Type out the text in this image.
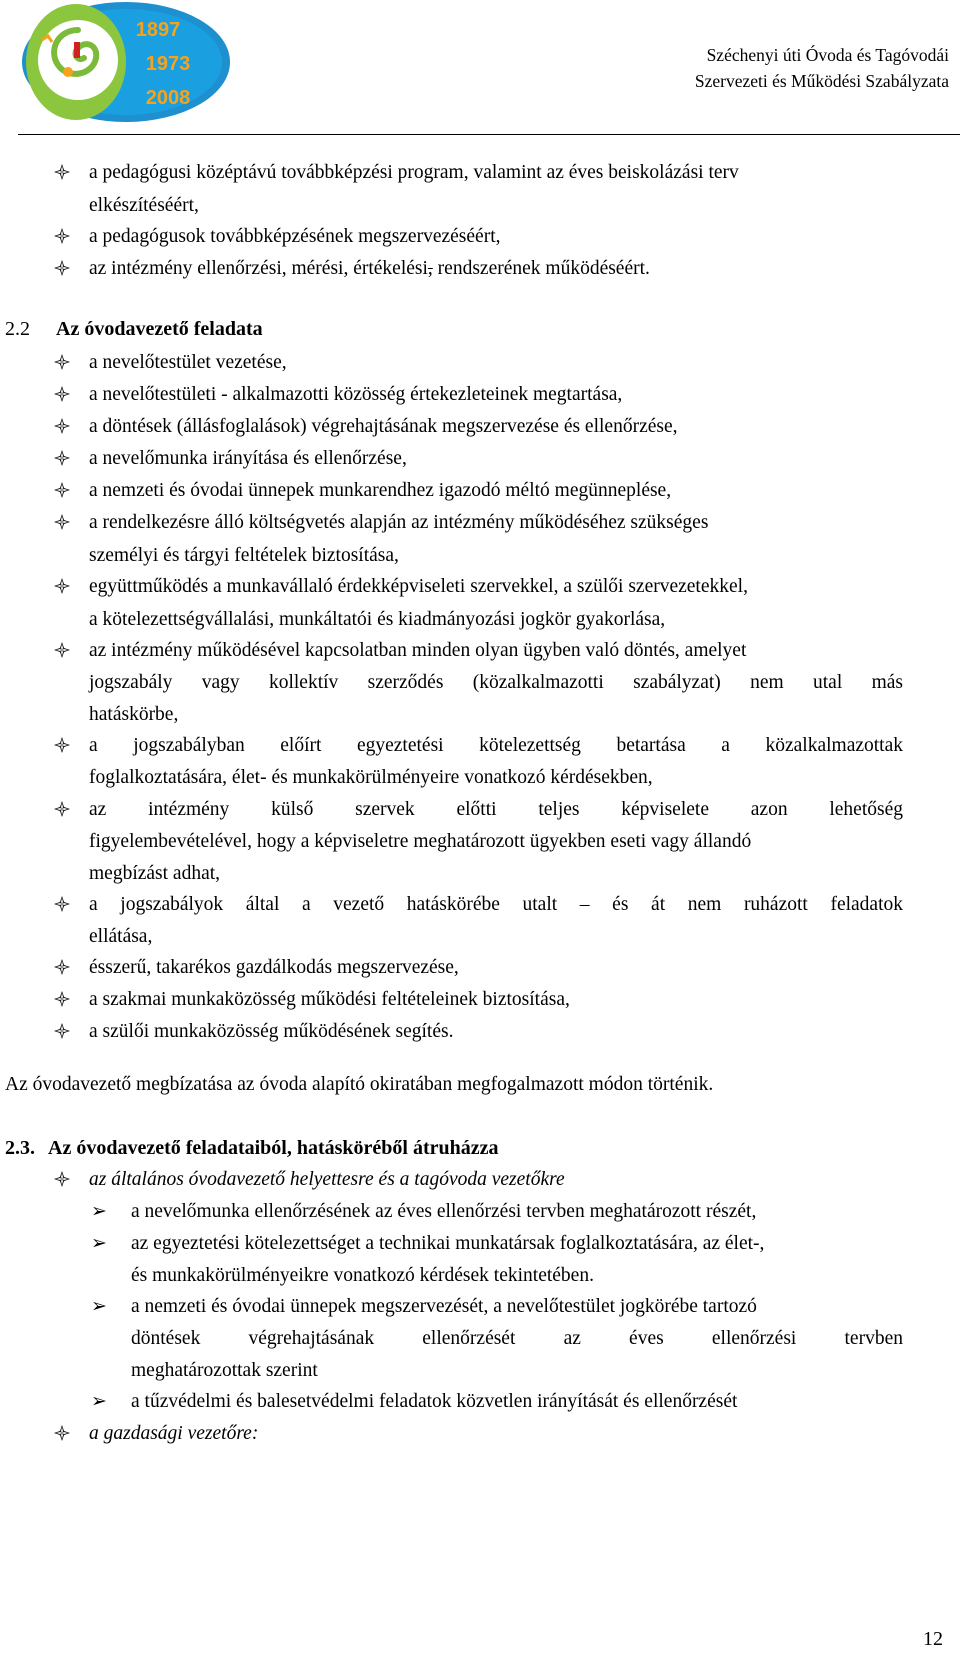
1897
1973
2008
Széchenyi úti Óvoda és Tagóvodái
Szervezeti és Működési Szabályzata
a pedagógusi középtávú továbbképzési program, valamint az éves beiskolázási terv
elkészítéséért,
a pedagógusok továbbképzésének megszervezéséért,
az intézmény ellenőrzési, mérési, értékelési, rendszerének működéséért.
2.2 Az óvodavezető feladata
a nevelőtestület vezetése,
a nevelőtestületi - alkalmazotti közösség értekezleteinek megtartása,
a döntések (állásfoglalások) végrehajtásának megszervezése és ellenőrzése,
a nevelőmunka irányítása és ellenőrzése,
a nemzeti és óvodai ünnepek munkarendhez igazodó méltó megünneplése,
a rendelkezésre álló költségvetés alapján az intézmény működéséhez szükséges
személyi és tárgyi feltételek biztosítása,
együttműködés a munkavállaló érdekképviseleti szervekkel, a szülői szervezetekkel,
a kötelezettségvállalási, munkáltatói és kiadmányozási jogkör gyakorlása,
az intézmény működésével kapcsolatban minden olyan ügyben való döntés, amelyet
jogszabály vagy kollektív szerződés (közalkalmazotti szabályzat) nem utal más
hatáskörbe,
a jogszabályban előírt egyeztetési kötelezettség betartása a közalkalmazottak
foglalkoztatására, élet- és munkakörülményeire vonatkozó kérdésekben,
az intézmény külső szervek előtti teljes képviselete azon lehetőség
figyelembevételével, hogy a képviseletre meghatározott ügyekben eseti vagy állandó
megbízást adhat,
a jogszabályok által a vezető hatáskörébe utalt – és át nem ruházott feladatok
ellátása,
ésszerű, takarékos gazdálkodás megszervezése,
a szakmai munkaközösség működési feltételeinek biztosítása,
a szülői munkaközösség működésének segítés.
Az óvodavezető megbízatása az óvoda alapító okiratában megfogalmazott módon történik.
2.3. Az óvodavezető feladataiból, hatásköréből átruházza
az általános óvodavezető helyettesre és a tagóvoda vezetőkre
➢ a nevelőmunka ellenőrzésének az éves ellenőrzési tervben meghatározott részét,
➢ az egyeztetési kötelezettséget a technikai munkatársak foglalkoztatására, az élet-,
és munkakörülményeikre vonatkozó kérdések tekintetében.
➢ a nemzeti és óvodai ünnepek megszervezését, a nevelőtestület jogkörébe tartozó
döntések végrehajtásának ellenőrzését az éves ellenőrzési tervben
meghatározottak szerint
➢ a tűzvédelmi és balesetvédelmi feladatok közvetlen irányítását és ellenőrzését
a gazdasági vezetőre:
12
